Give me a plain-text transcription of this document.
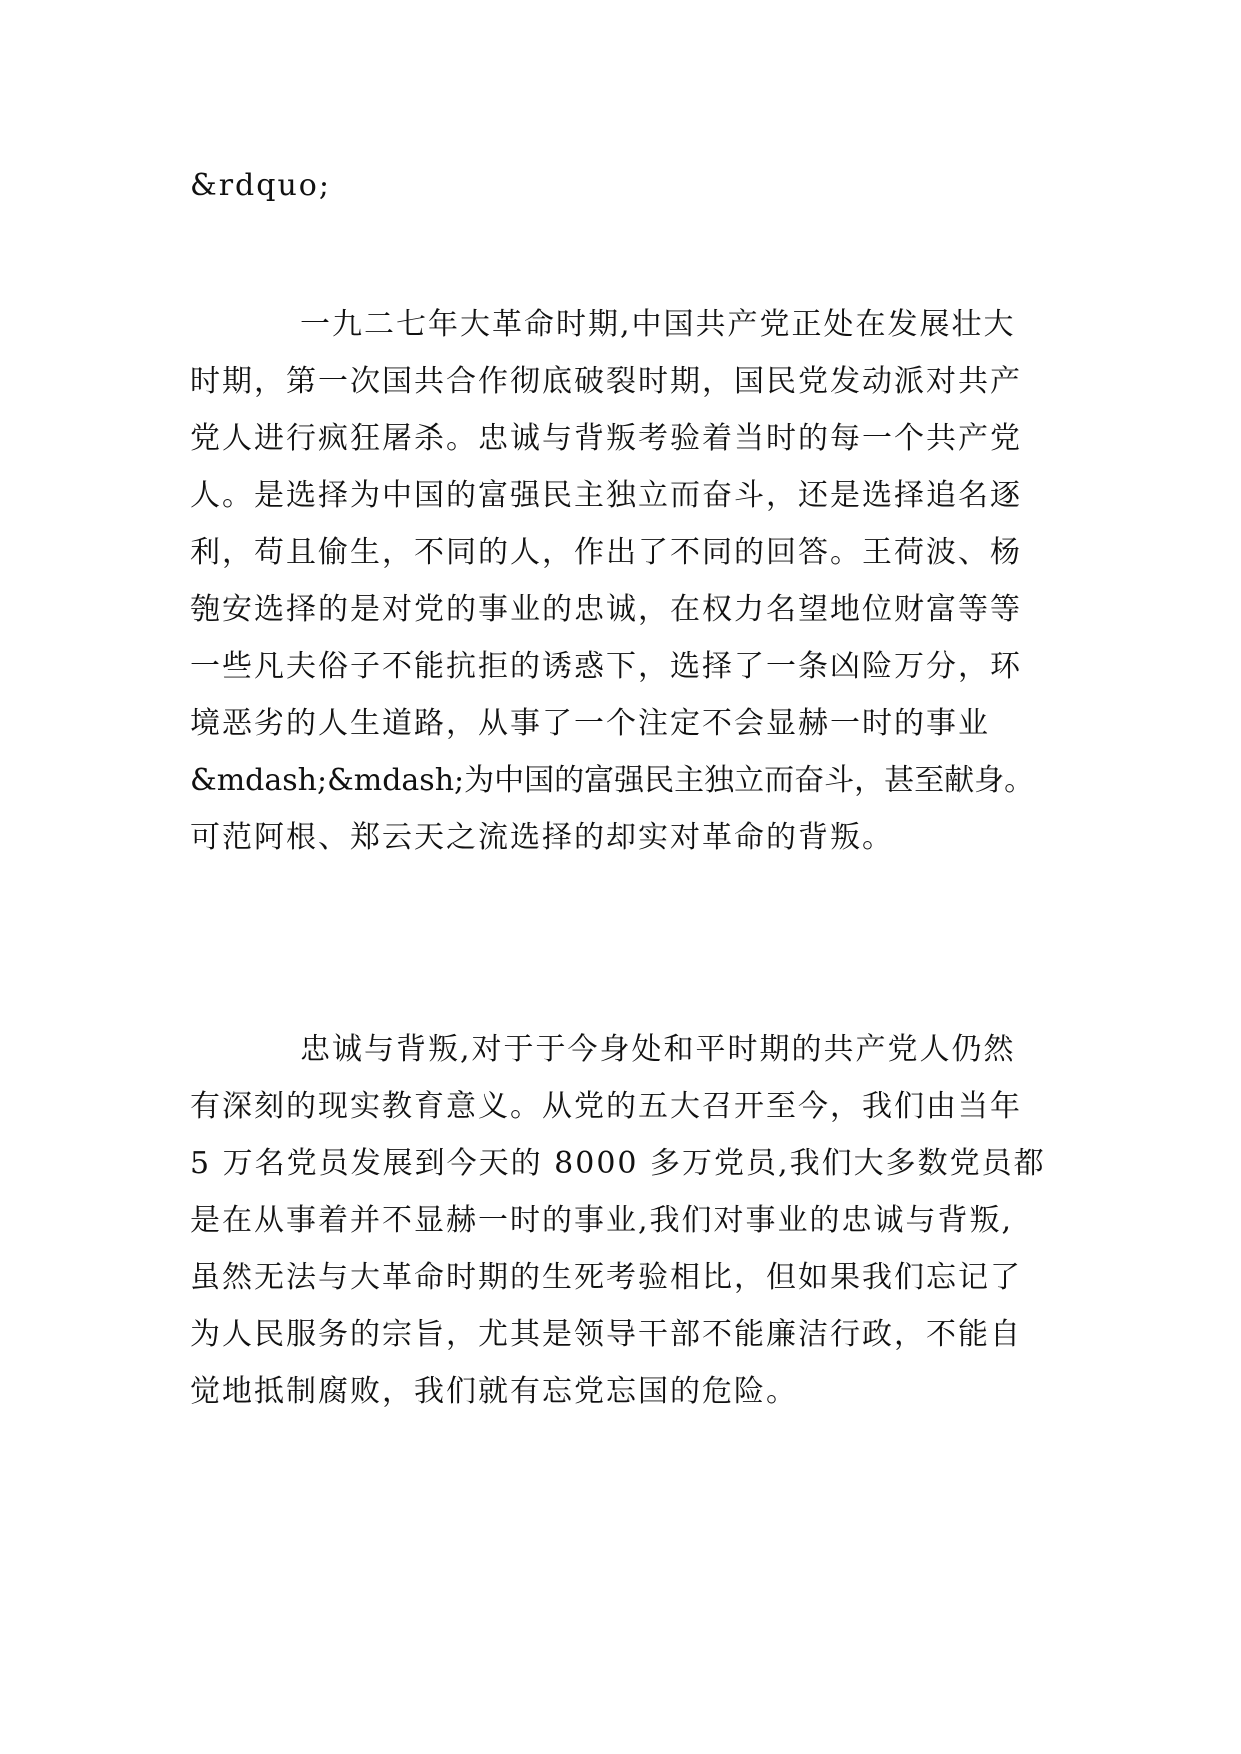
&rdquo;
一九二七年大革命时期,中国共产党正处在发展壮大
时期，第一次国共合作彻底破裂时期，国民党发动派对共产
党人进行疯狂屠杀。忠诚与背叛考验着当时的每一个共产党
人。是选择为中国的富强民主独立而奋斗，还是选择追名逐
利，苟且偷生，不同的人，作出了不同的回答。王荷波、杨
匏安选择的是对党的事业的忠诚，在权力名望地位财富等等
一些凡夫俗子不能抗拒的诱惑下，选择了一条凶险万分，环
境恶劣的人生道路，从事了一个注定不会显赫一时的事业
&mdash;&mdash;为中国的富强民主独立而奋斗，甚至献身。
可范阿根、郑云天之流选择的却实对革命的背叛。
忠诚与背叛,对于于今身处和平时期的共产党人仍然
有深刻的现实教育意义。从党的五大召开至今，我们由当年
5 万名党员发展到今天的 8000 多万党员,我们大多数党员都
是在从事着并不显赫一时的事业,我们对事业的忠诚与背叛,
虽然无法与大革命时期的生死考验相比，但如果我们忘记了
为人民服务的宗旨，尤其是领导干部不能廉洁行政，不能自
觉地抵制腐败，我们就有忘党忘国的危险。
